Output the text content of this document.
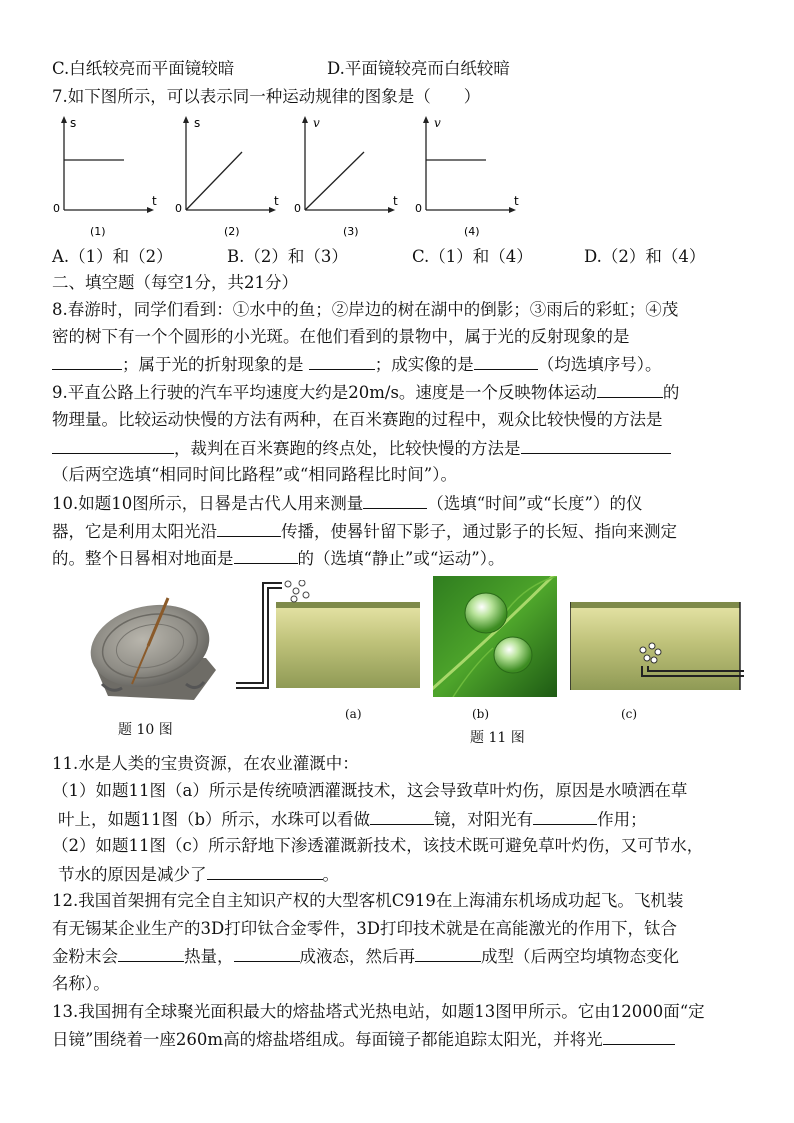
C.白纸较亮而平面镜较暗	D.平面镜较亮而白纸较暗
7.如下图所示，可以表示同一种运动规律的图象是（　　）
s
t
0
(1)
s
t
0
(2)
v
t
0
(3)
v
t
0
(4)
A.（1）和（2）	B.（2）和（3）	C.（1）和（4）	D.（2）和（4）
二、填空题（每空1分，共21分）
8.春游时，同学们看到：①水中的鱼；②岸边的树在湖中的倒影；③雨后的彩虹；④茂
密的树下有一个个圆形的小光斑。在他们看到的景物中，属于光的反射现象的是
；属于光的折射现象的是	；成实像的是	（均选填序号）。
9.平直公路上行驶的汽车平均速度大约是20m/s。速度是一个反映物体运动	的
物理量。比较运动快慢的方法有两种，在百米赛跑的过程中，观众比较快慢的方法是
，裁判在百米赛跑的终点处，比较快慢的方法是
（后两空选填“相同时间比路程”或“相同路程比时间”）。
10.如题10图所示，日晷是古代人用来测量	（选填“时间”或“长度”）的仪
器，它是利用太阳光沿	传播，使晷针留下影子，通过影子的长短、指向来测定
的。整个日晷相对地面是	的（选填“静止”或“运动”）。
题 10 图
(a)	(b)	(c)
题 11 图
11.水是人类的宝贵资源，在农业灌溉中：
（1）如题11图（a）所示是传统喷洒灌溉技术，这会导致草叶灼伤，原因是水喷洒在草
叶上，如题11图（b）所示，水珠可以看做	镜，对阳光有	作用；
（2）如题11图（c）所示舒地下渗透灌溉新技术，该技术既可避免草叶灼伤，又可节水，
节水的原因是减少了	。
12.我国首架拥有完全自主知识产权的大型客机C919在上海浦东机场成功起飞。飞机装
有无锡某企业生产的3D打印钛合金零件，3D打印技术就是在高能激光的作用下，钛合
金粉末会	热量，	成液态，然后再	成型（后两空均填物态变化
名称）。
13.我国拥有全球聚光面积最大的熔盐塔式光热电站，如题13图甲所示。它由12000面“定
日镜”围绕着一座260m高的熔盐塔组成。每面镜子都能追踪太阳光，并将光
